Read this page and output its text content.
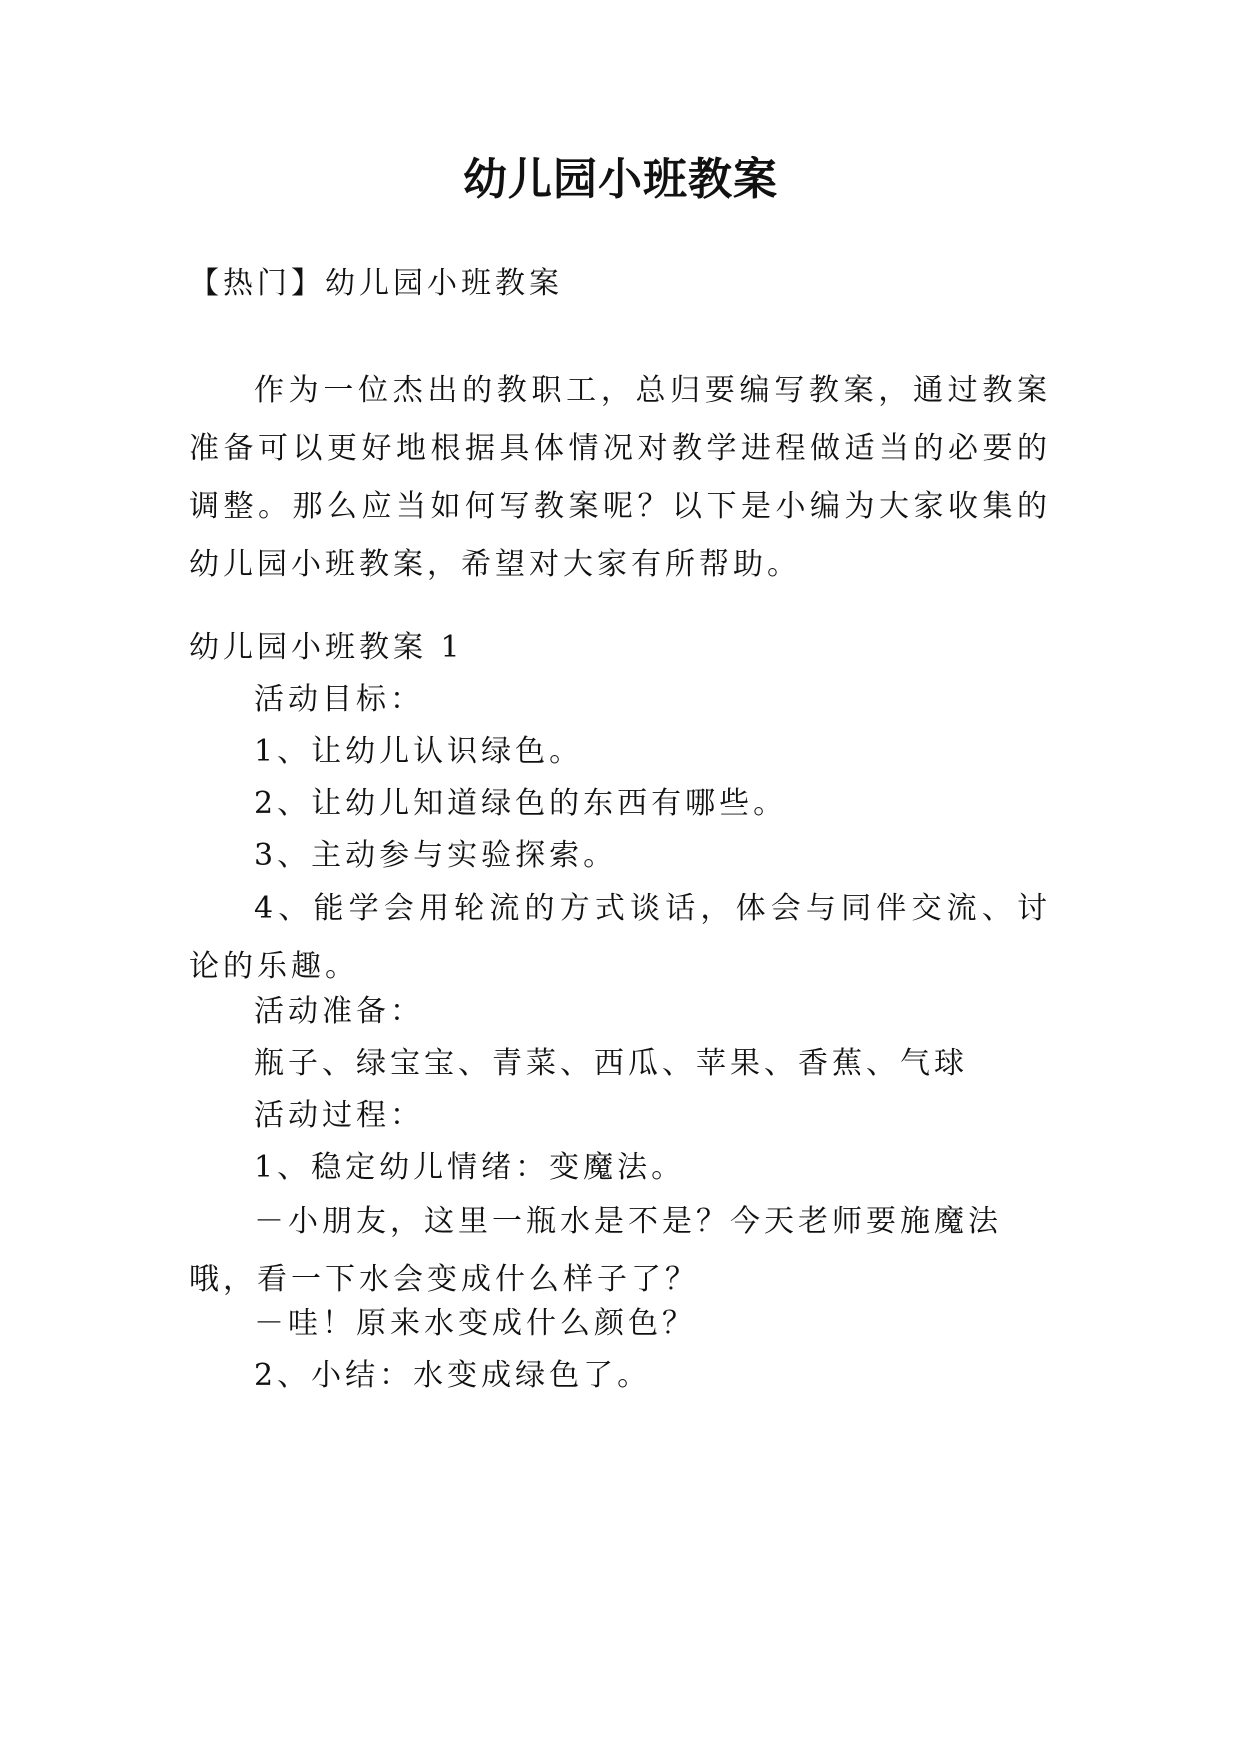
幼儿园小班教案
【热门】幼儿园小班教案
作为一位杰出的教职工，总归要编写教案，通过教案准备可以更好地根据具体情况对教学进程做适当的必要的调整。那么应当如何写教案呢？以下是小编为大家收集的幼儿园小班教案，希望对大家有所帮助。
幼儿园小班教案 1
活动目标：
1、让幼儿认识绿色。
2、让幼儿知道绿色的东西有哪些。
3、主动参与实验探索。
4、能学会用轮流的方式谈话，体会与同伴交流、讨论的乐趣。
活动准备：
瓶子、绿宝宝、青菜、西瓜、苹果、香蕉、气球
活动过程：
1、稳定幼儿情绪：变魔法。
－小朋友，这里一瓶水是不是？今天老师要施魔法哦，看一下水会变成什么样子了？
－哇！原来水变成什么颜色？
2、小结：水变成绿色了。
